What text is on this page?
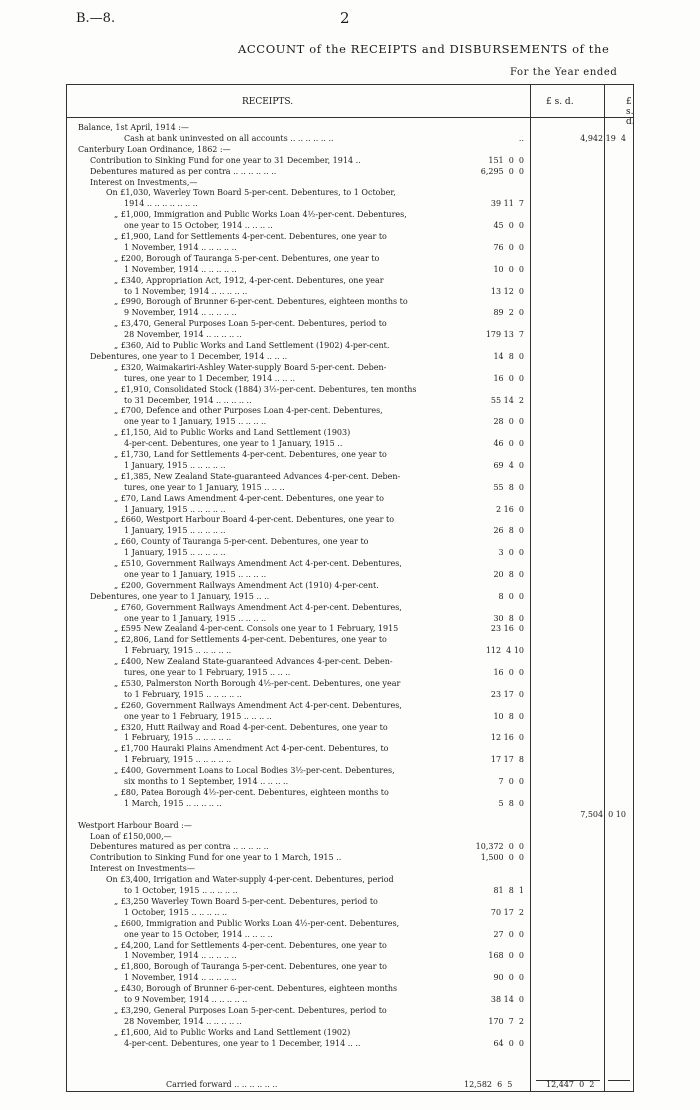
B.—8.	2
ACCOUNT of the RECEIPTS and DISBURSEMENTS of the
For the Year ended
RECEIPTS.	£ s. d.	£ s. d.
Balance, 1st April, 1914 :—
Cash at bank uninvested on all accounts .. .. .. .. .. ..	..	4,942 19  4
Canterbury Loan Ordinance, 1862 :—
Contribution to Sinking Fund for one year to 31 December, 1914 ..	151  0  0
Debentures matured as per contra .. .. .. .. .. ..	6,295  0  0
Interest on Investments,—
On £1,030, Waverley Town Board 5-per-cent. Debentures, to 1 October,
1914 .. .. .. .. .. .. ..	39 11  7
„ £1,000, Immigration and Public Works Loan 4½-per-cent. Debentures,
one year to 15 October, 1914 .. .. .. ..	45  0  0
„ £1,900, Land for Settlements 4-per-cent. Debentures, one year to
1 November, 1914 .. .. .. .. ..	76  0  0
„ £200, Borough of Tauranga 5-per-cent. Debentures, one year to
1 November, 1914 .. .. .. .. ..	10  0  0
„ £340, Appropriation Act, 1912, 4-per-cent. Debentures, one year
to 1 November, 1914 .. .. .. .. ..	13 12  0
„ £990, Borough of Brunner 6-per-cent. Debentures, eighteen months to
9 November, 1914 .. .. .. .. ..	89  2  0
„ £3,470, General Purposes Loan 5-per-cent. Debentures, period to
28 November, 1914 .. .. .. .. ..	179 13  7
„ £360, Aid to Public Works and Land Settlement (1902) 4-per-cent.
Debentures, one year to 1 December, 1914 .. .. ..	14  8  0
„ £320, Waimakariri-Ashley Water-supply Board 5-per-cent. Deben-
tures, one year to 1 December, 1914 .. .. ..	16  0  0
„ £1,910, Consolidated Stock (1884) 3½-per-cent. Debentures, ten months
to 31 December, 1914 .. .. .. .. ..	55 14  2
„ £700, Defence and other Purposes Loan 4-per-cent. Debentures,
one year to 1 January, 1915 .. .. .. ..	28  0  0
„ £1,150, Aid to Public Works and Land Settlement (1903)
4-per-cent. Debentures, one year to 1 January, 1915 ..	46  0  0
„ £1,730, Land for Settlements 4-per-cent. Debentures, one year to
1 January, 1915 .. .. .. .. ..	69  4  0
„ £1,385, New Zealand State-guaranteed Advances 4-per-cent. Deben-
tures, one year to 1 January, 1915 .. .. ..	55  8  0
„ £70, Land Laws Amendment 4-per-cent. Debentures, one year to
1 January, 1915 .. .. .. .. ..	2 16  0
„ £660, Westport Harbour Board 4-per-cent. Debentures, one year to
1 January, 1915 .. .. .. .. ..	26  8  0
„ £60, County of Tauranga 5-per-cent. Debentures, one year to
1 January, 1915 .. .. .. .. ..	3  0  0
„ £510, Government Railways Amendment Act 4-per-cent. Debentures,
one year to 1 January, 1915 .. .. .. ..	20  8  0
„ £200, Government Railways Amendment Act (1910) 4-per-cent.
Debentures, one year to 1 January, 1915 .. ..	8  0  0
„ £760, Government Railways Amendment Act 4-per-cent. Debentures,
one year to 1 January, 1915 .. .. .. ..	30  8  0
„ £595 New Zealand 4-per-cent. Consols one year to 1 February, 1915	23 16  0
„ £2,806, Land for Settlements 4-per-cent. Debentures, one year to
1 February, 1915 .. .. .. .. ..	112  4 10
„ £400, New Zealand State-guaranteed Advances 4-per-cent. Deben-
tures, one year to 1 February, 1915 .. .. ..	16  0  0
„ £530, Palmerston North Borough 4½-per-cent. Debentures, one year
to 1 February, 1915 .. .. .. .. ..	23 17  0
„ £260, Government Railways Amendment Act 4-per-cent. Debentures,
one year to 1 February, 1915 .. .. .. ..	10  8  0
„ £320, Hutt Railway and Road 4-per-cent. Debentures, one year to
1 February, 1915 .. .. .. .. ..	12 16  0
„ £1,700 Hauraki Plains Amendment Act 4-per-cent. Debentures, to
1 February, 1915 .. .. .. .. ..	17 17  8
„ £400, Government Loans to Local Bodies 3½-per-cent. Debentures,
six months to 1 September, 1914 .. .. .. ..	7  0  0
„ £80, Patea Borough 4½-per-cent. Debentures, eighteen months to
1 March, 1915 .. .. .. .. ..	5  8  0
7,504  0 10
Westport Harbour Board :—
Loan of £150,000,—
Debentures matured as per contra .. .. .. .. ..	10,372  0  0
Contribution to Sinking Fund for one year to 1 March, 1915 ..	1,500  0  0
Interest on Investments—
On £3,400, Irrigation and Water-supply 4-per-cent. Debentures, period
to 1 October, 1915 .. .. .. .. ..	81  8  1
„ £3,250 Waverley Town Board 5-per-cent. Debentures, period to
1 October, 1915 .. .. .. .. ..	70 17  2
„ £600, Immigration and Public Works Loan 4½-per-cent. Debentures,
one year to 15 October, 1914 .. .. .. ..	27  0  0
„ £4,200, Land for Settlements 4-per-cent. Debentures, one year to
1 November, 1914 .. .. .. .. ..	168  0  0
„ £1,800, Borough of Tauranga 5-per-cent. Debentures, one year to
1 November, 1914 .. .. .. .. ..	90  0  0
„ £430, Borough of Brunner 6-per-cent. Debentures, eighteen months
to 9 November, 1914 .. .. .. .. ..	38 14  0
„ £3,290, General Purposes Loan 5-per-cent. Debentures, period to
28 November, 1914 .. .. .. .. ..	170  7  2
„ £1,600, Aid to Public Works and Land Settlement (1902)
4-per-cent. Debentures, one year to 1 December, 1914 .. ..	64  0  0
Carried forward .. .. .. .. .. ..	12,582  6  5	12,447  0  2
